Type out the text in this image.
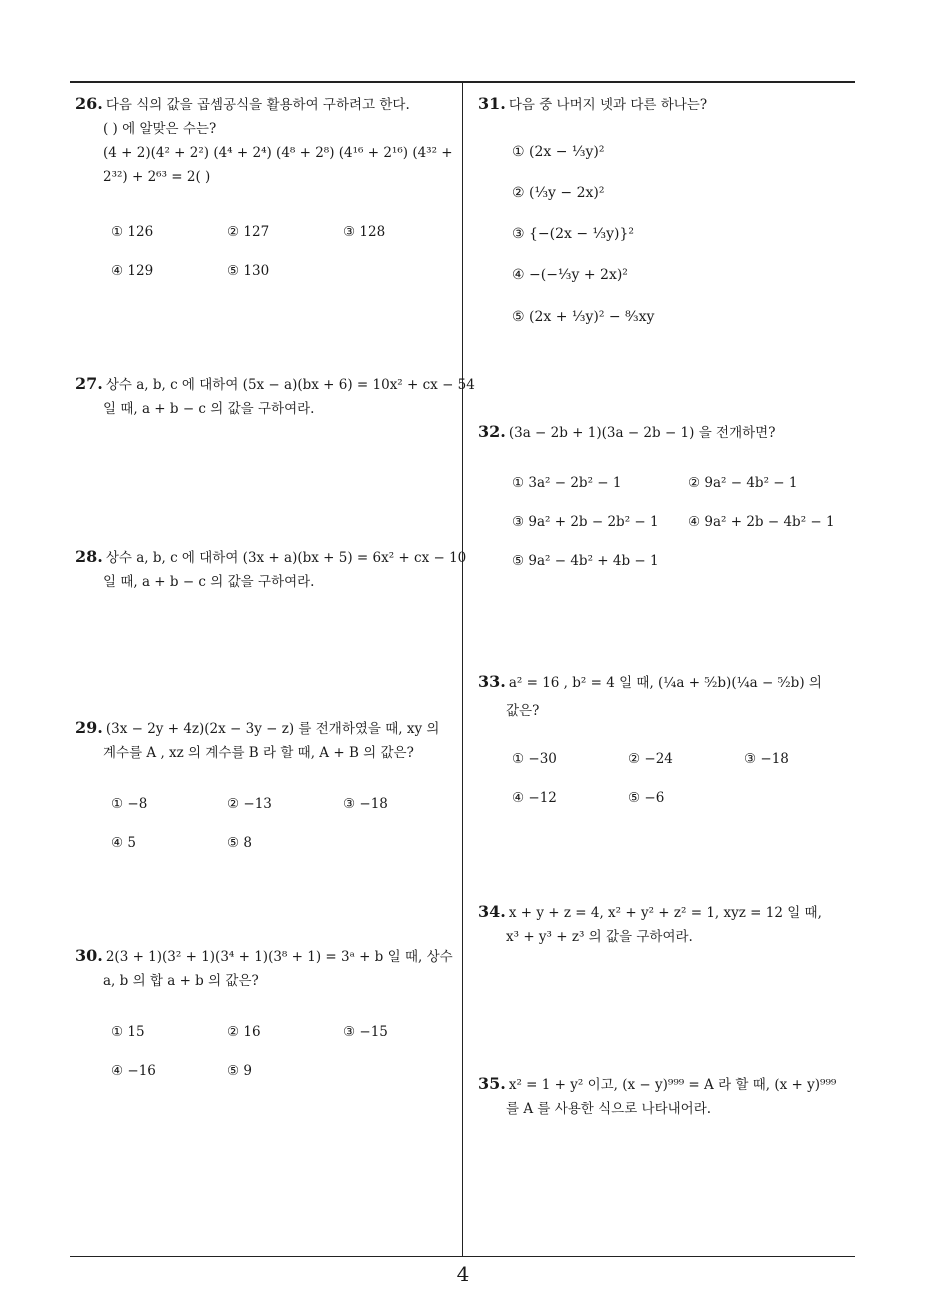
26. 다음 식의 값을 곱셈공식을 활용하여 구하려고 한다.
( ) 에 알맞은 수는?
(4 + 2)(4² + 2²) (4⁴ + 2⁴) (4⁸ + 2⁸) (4¹⁶ + 2¹⁶) (4³² +
2³²) + 2⁶³ = 2( )
① 126	② 127	③ 128
④ 129	⑤ 130
27. 상수 a, b, c 에 대하여 (5x − a)(bx + 6) = 10x² + cx − 54
일 때, a + b − c 의 값을 구하여라.
28. 상수 a, b, c 에 대하여 (3x + a)(bx + 5) = 6x² + cx − 10
일 때, a + b − c 의 값을 구하여라.
29. (3x − 2y + 4z)(2x − 3y − z) 를 전개하였을 때, xy 의
계수를 A , xz 의 계수를 B 라 할 때, A + B 의 값은?
① −8	② −13	③ −18
④ 5	⑤ 8
30. 2(3 + 1)(3² + 1)(3⁴ + 1)(3⁸ + 1) = 3ᵃ + b 일 때, 상수
a, b 의 합 a + b 의 값은?
① 15	② 16	③ −15
④ −16	⑤ 9
31. 다음 중 나머지 넷과 다른 하나는?
① (2x − ⅓y)²
② (⅓y − 2x)²
③ {−(2x − ⅓y)}²
④ −(−⅓y + 2x)²
⑤ (2x + ⅓y)² − ⁸⁄₃xy
32. (3a − 2b + 1)(3a − 2b − 1) 을 전개하면?
① 3a² − 2b² − 1	② 9a² − 4b² − 1
③ 9a² + 2b − 2b² − 1 ④ 9a² + 2b − 4b² − 1
⑤ 9a² − 4b² + 4b − 1
33. a² = 16 , b² = 4 일 때, (¼a + ⁵⁄₂b)(¼a − ⁵⁄₂b) 의
값은?
① −30	② −24	③ −18
④ −12	⑤ −6
34. x + y + z = 4, x² + y² + z² = 1, xyz = 12 일 때,
x³ + y³ + z³ 의 값을 구하여라.
35. x² = 1 + y² 이고, (x − y)⁹⁹⁹ = A 라 할 때, (x + y)⁹⁹⁹
를 A 를 사용한 식으로 나타내어라.
4
